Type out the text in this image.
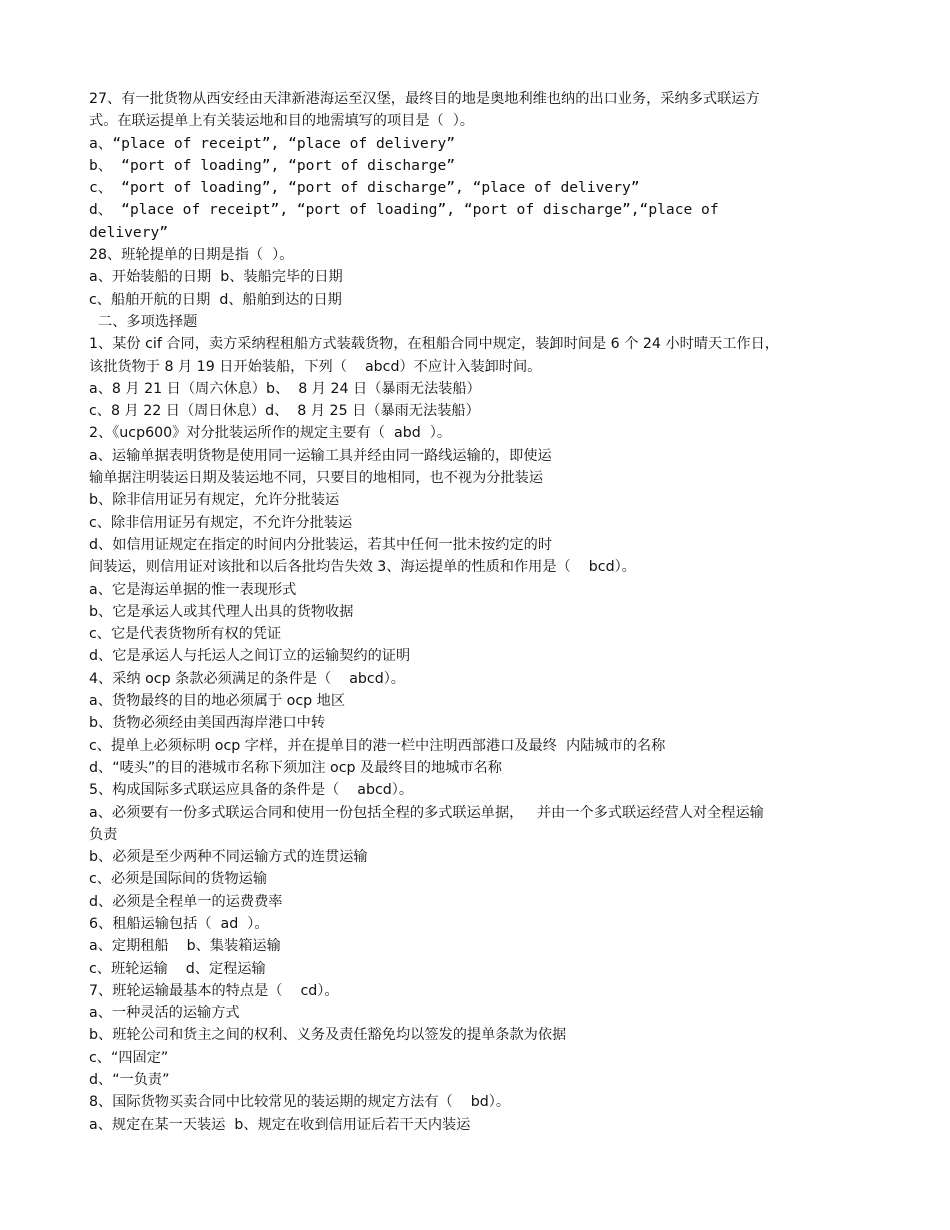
27、有一批货物从西安经由天津新港海运至汉堡，最终目的地是奥地利维也纳的出口业务，采纳多式联运方

式。在联运提单上有关装运地和目的地需填写的项目是（  ）。

a、“place of receipt”, “place of delivery”

b、 “port of loading”, “port of discharge”

c、 “port of loading”, “port of discharge”, “place of delivery”

d、 “place of receipt”, “port of loading”, “port of discharge”,“place of

delivery”

28、班轮提单的日期是指（  ）。

a、开始装船的日期  b、装船完毕的日期

c、船舶开航的日期  d、船舶到达的日期

二、多项选择题

1、某份 cif 合同，卖方采纳程租船方式装载货物，在租船合同中规定，装卸时间是 6 个 24 小时晴天工作日，

该批货物于 8 月 19 日开始装船，下列（    abcd）不应计入装卸时间。

a、8 月 21 日（周六休息）b、  8 月 24 日（暴雨无法装船）

c、8 月 22 日（周日休息）d、  8 月 25 日（暴雨无法装船）

2、《ucp600》对分批装运所作的规定主要有（  abd  ）。

a、运输单据表明货物是使用同一运输工具并经由同一路线运输的，即使运

输单据注明装运日期及装运地不同，只要目的地相同，也不视为分批装运

b、除非信用证另有规定，允许分批装运

c、除非信用证另有规定，不允许分批装运

d、如信用证规定在指定的时间内分批装运，若其中任何一批未按约定的时

间装运，则信用证对该批和以后各批均告失效 3、海运提单的性质和作用是（    bcd）。

a、它是海运单据的惟一表现形式

b、它是承运人或其代理人出具的货物收据

c、它是代表货物所有权的凭证

d、它是承运人与托运人之间订立的运输契约的证明

4、采纳 ocp 条款必须满足的条件是（    abcd）。

a、货物最终的目的地必须属于 ocp 地区

b、货物必须经由美国西海岸港口中转

c、提单上必须标明 ocp 字样，并在提单目的港一栏中注明西部港口及最终  内陆城市的名称

d、“唛头”的目的港城市名称下须加注 ocp 及最终目的地城市名称

5、构成国际多式联运应具备的条件是（    abcd）。

a、必须要有一份多式联运合同和使用一份包括全程的多式联运单据，   并由一个多式联运经营人对全程运输

负责

b、必须是至少两种不同运输方式的连贯运输

c、必须是国际间的货物运输

d、必须是全程单一的运费费率

6、租船运输包括（  ad  ）。

a、定期租船    b、集装箱运输

c、班轮运输    d、定程运输

7、班轮运输最基本的特点是（    cd）。

a、一种灵活的运输方式

b、班轮公司和货主之间的权利、义务及责任豁免均以签发的提单条款为依据

c、“四固定”

d、“一负责”

8、国际货物买卖合同中比较常见的装运期的规定方法有（    bd）。

a、规定在某一天装运  b、规定在收到信用证后若干天内装运
